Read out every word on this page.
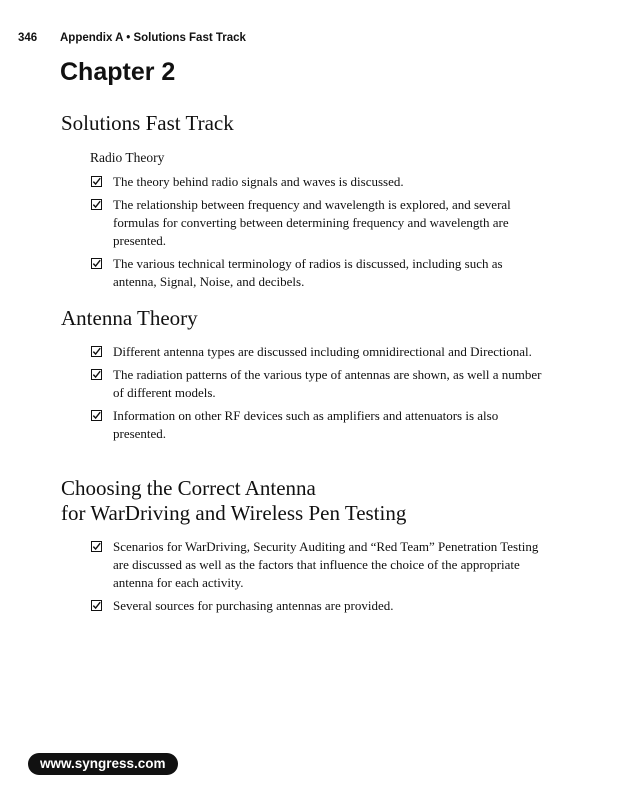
346 Appendix A • Solutions Fast Track
Chapter 2
Solutions Fast Track
Radio Theory
The theory behind radio signals and waves is discussed.
The relationship between frequency and wavelength is explored, and several formulas for converting between determining frequency and wavelength are presented.
The various technical terminology of radios is discussed, including such as antenna, Signal, Noise, and decibels.
Antenna Theory
Different antenna types are discussed including omnidirectional and Directional.
The radiation patterns of the various type of antennas are shown, as well a number of different models.
Information on other RF devices such as amplifiers and attenuators is also presented.
Choosing the Correct Antenna
for WarDriving and Wireless Pen Testing
Scenarios for WarDriving, Security Auditing and “Red Team” Penetration Testing are discussed as well as the factors that influence the choice of the appropriate antenna for each activity.
Several sources for purchasing antennas are provided.
www.syngress.com
